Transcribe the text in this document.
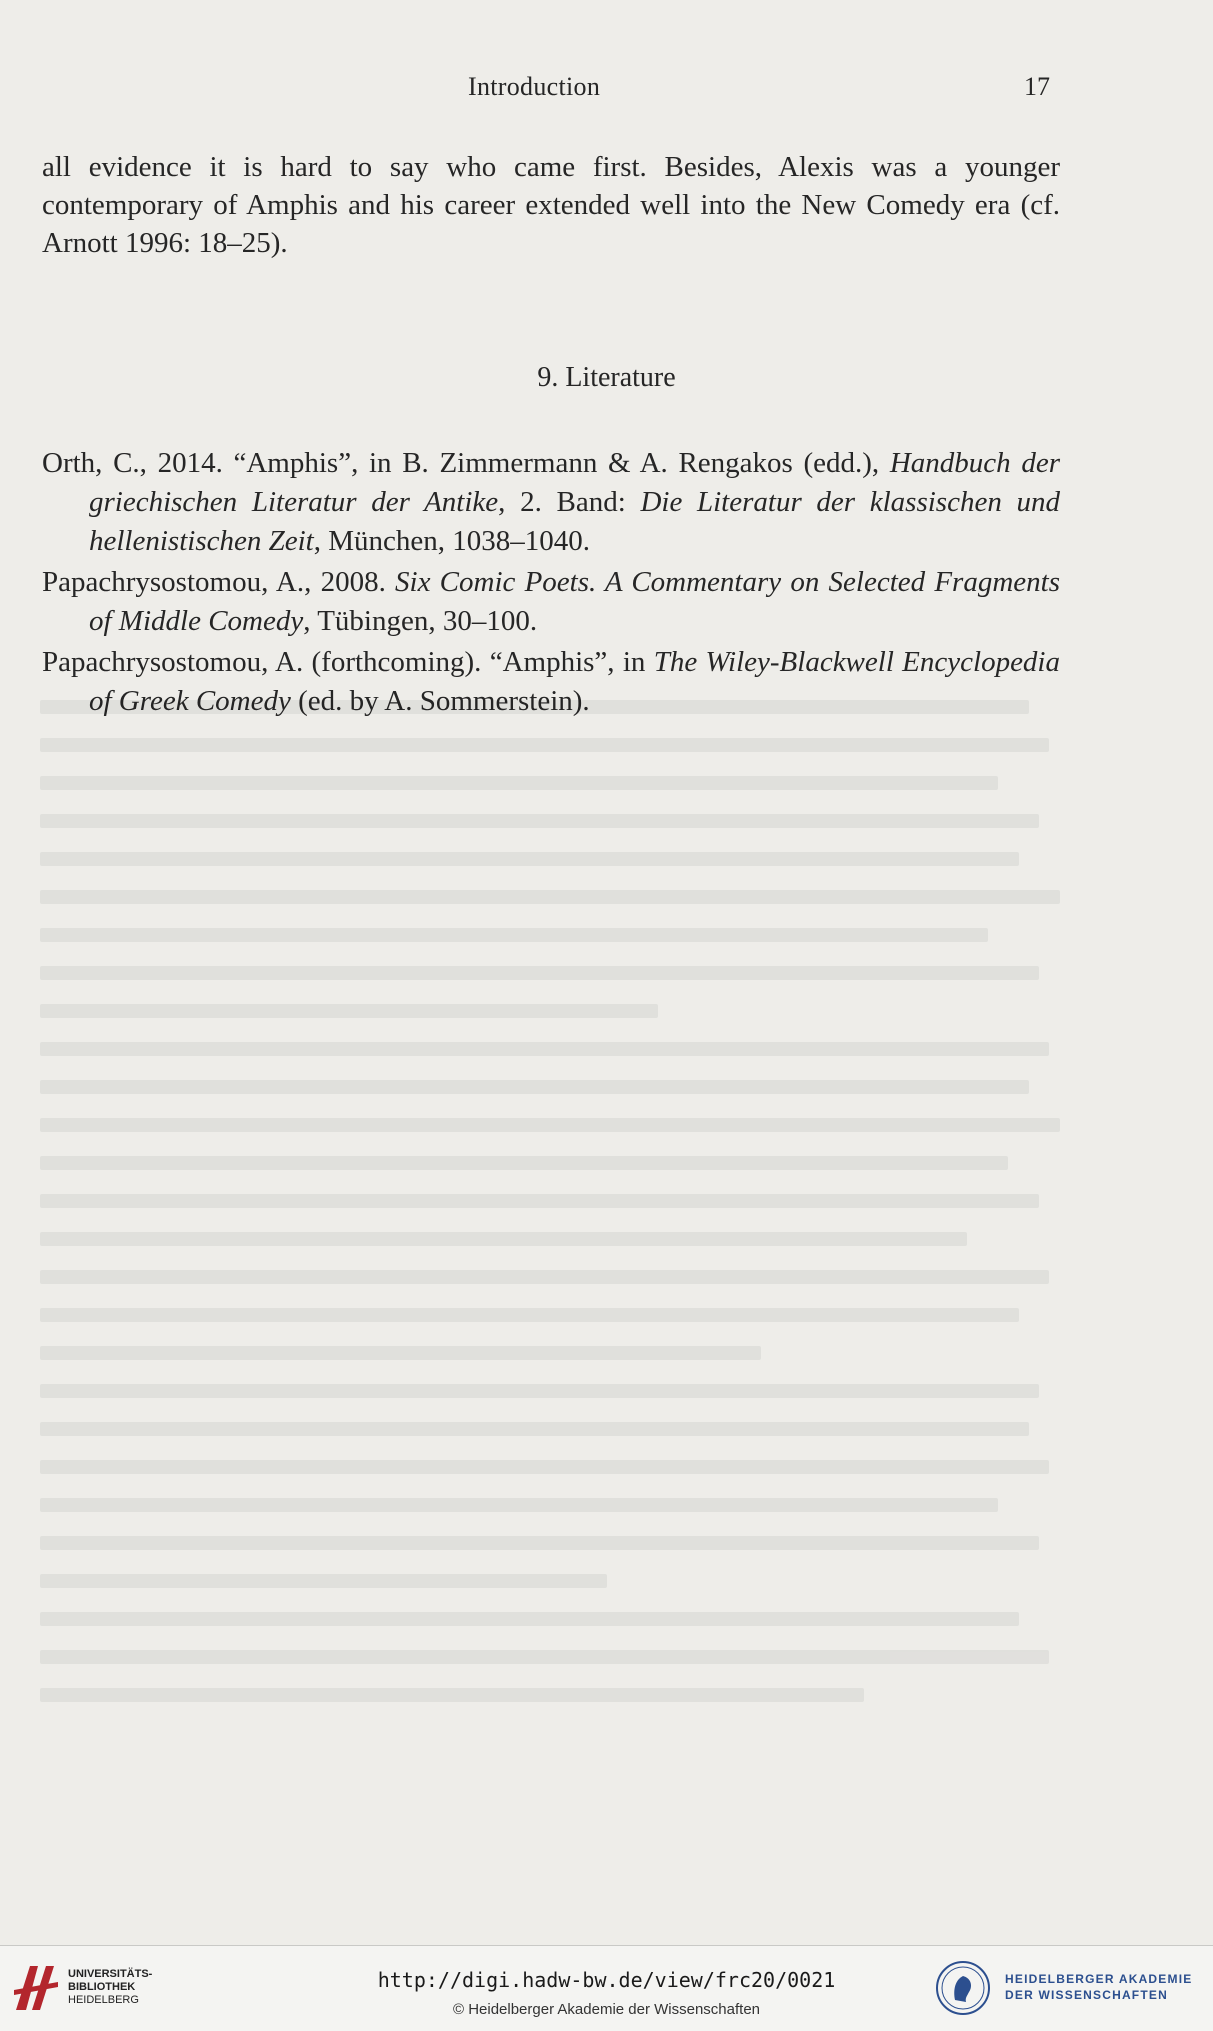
Introduction	17

all evidence it is hard to say who came first. Besides, Alexis was a younger contemporary of Amphis and his career extended well into the New Comedy era (cf. Arnott 1996: 18–25).

9. Literature

Orth, C., 2014. “Amphis”, in B. Zimmermann & A. Rengakos (edd.), Handbuch der griechischen Literatur der Antike, 2. Band: Die Literatur der klassischen und hellenistischen Zeit, München, 1038–1040.

Papachrysostomou, A., 2008. Six Comic Poets. A Commentary on Selected Fragments of Middle Comedy, Tübingen, 30–100.

Papachrysostomou, A. (forthcoming). “Amphis”, in The Wiley-Blackwell Encyclopedia of Greek Comedy (ed. by A. Sommerstein).

UNIVERSITÄTS-
BIBLIOTHEK
HEIDELBERG
http://digi.hadw-bw.de/view/frc20/0021
© Heidelberger Akademie der Wissenschaften
HEIDELBERGER AKADEMIE
DER WISSENSCHAFTEN
